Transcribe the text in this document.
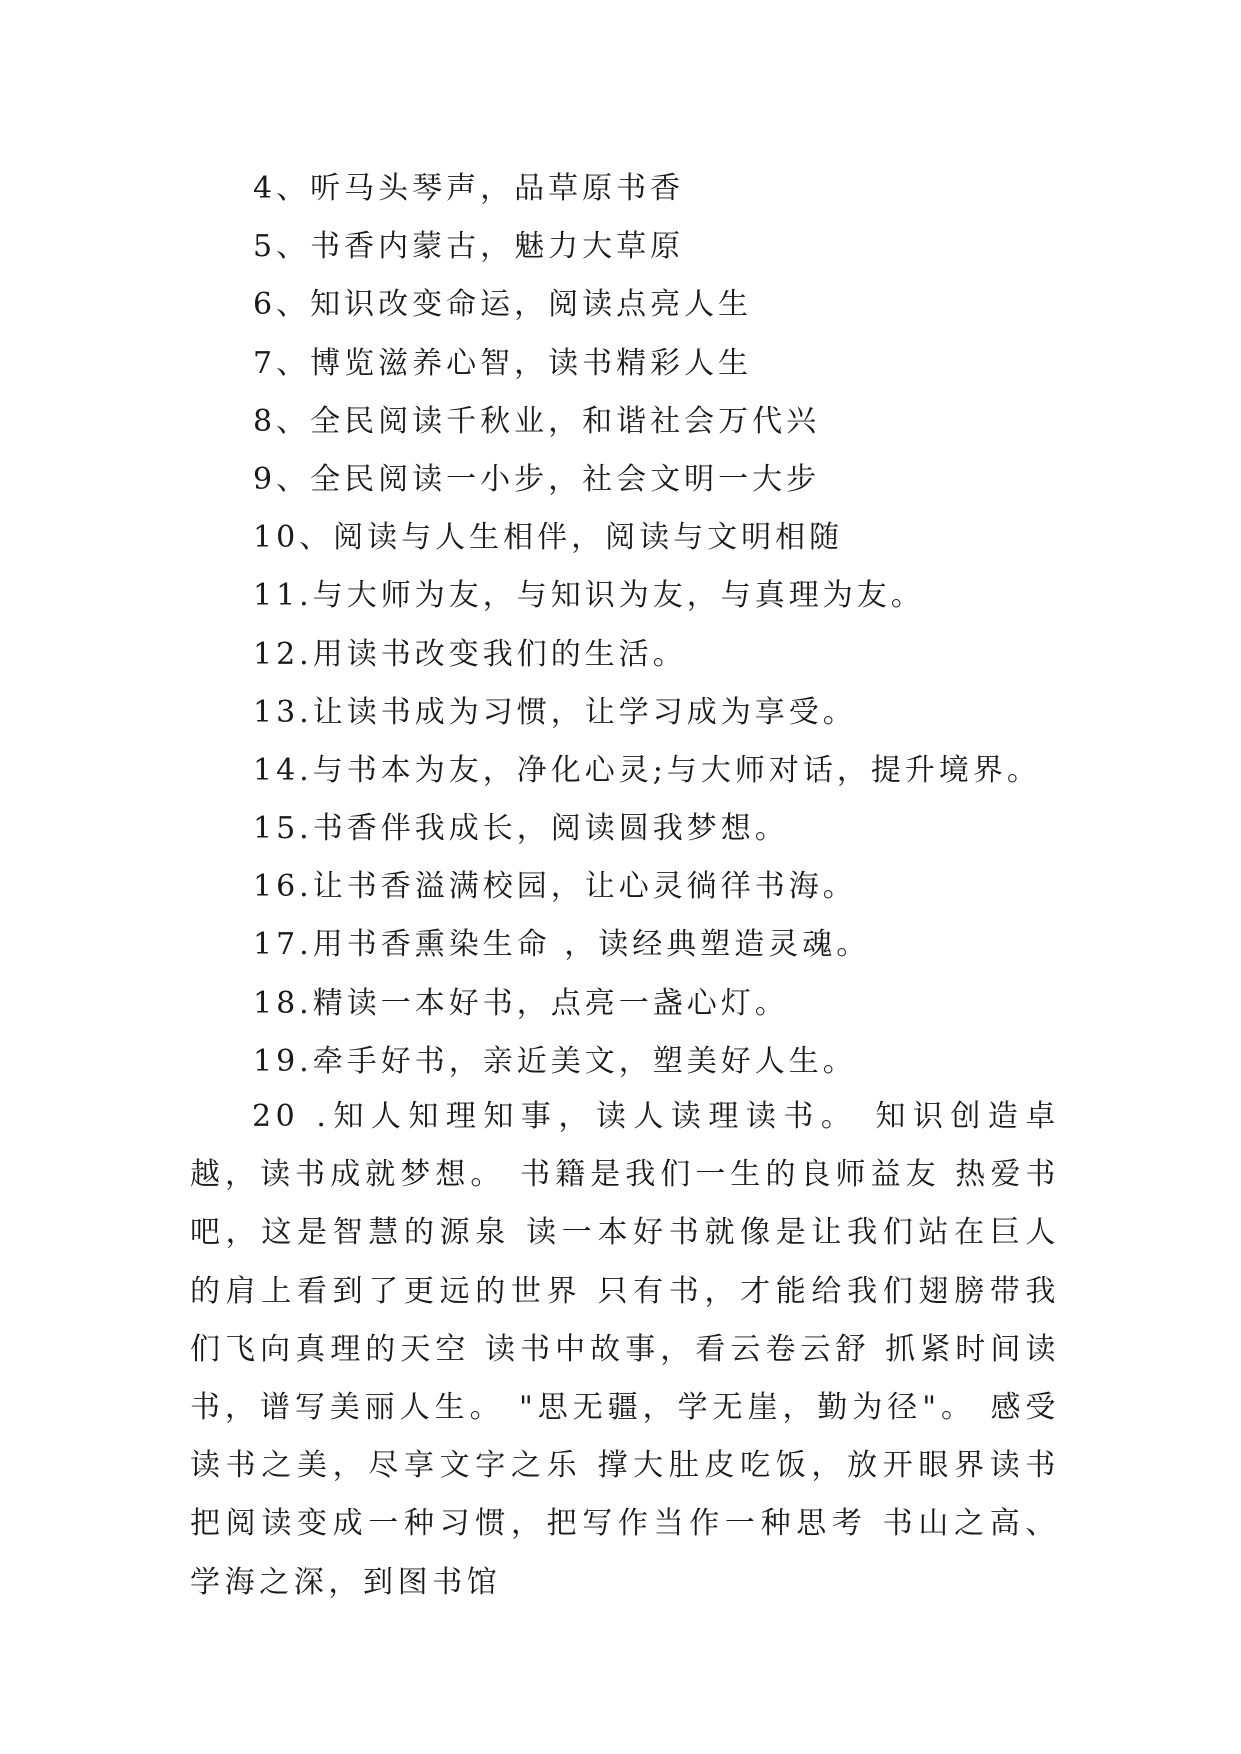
4、听马头琴声，品草原书香
5、书香内蒙古，魅力大草原
6、知识改变命运，阅读点亮人生
7、博览滋养心智，读书精彩人生
8、全民阅读千秋业，和谐社会万代兴
9、全民阅读一小步，社会文明一大步
10、阅读与人生相伴，阅读与文明相随
11.与大师为友，与知识为友，与真理为友。
12.用读书改变我们的生活。
13.让读书成为习惯，让学习成为享受。
14.与书本为友，净化心灵;与大师对话，提升境界。
15.书香伴我成长，阅读圆我梦想。
16.让书香溢满校园，让心灵徜徉书海。
17.用书香熏染生命 ，读经典塑造灵魂。
18.精读一本好书，点亮一盏心灯。
19.牵手好书，亲近美文，塑美好人生。

20 .知人知理知事，读人读理读书。 知识创造卓越，读书成就梦想。 书籍是我们一生的良师益友 热爱书吧，这是智慧的源泉 读一本好书就像是让我们站在巨人的肩上看到了更远的世界 只有书，才能给我们翅膀带我们飞向真理的天空 读书中故事，看云卷云舒 抓紧时间读书，谱写美丽人生。 "思无疆，学无崖，勤为径"。 感受读书之美，尽享文字之乐 撑大肚皮吃饭，放开眼界读书 把阅读变成一种习惯，把写作当作一种思考 书山之高、学海之深，到图书馆
